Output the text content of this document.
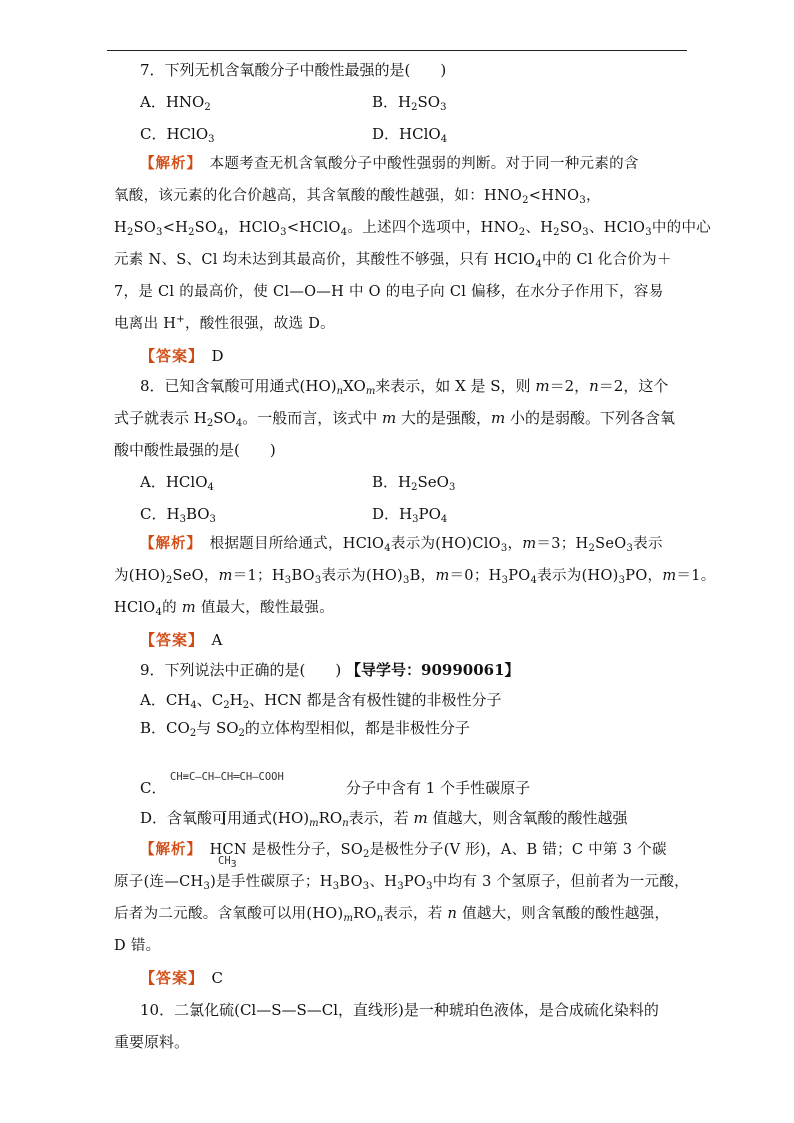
7．下列无机含氧酸分子中酸性最强的是(　　)
A．$HNO_2$	B．$H_2SO_3$
C．HClO$_3$	D．HClO$_4$
【解析】　 本题考查无机含氧酸分子中酸性强弱的判断。对于同一种元素的含
氧酸，该元素的化合价越高，其含氧酸的酸性越强，如：$HNO_2<HNO_3$，
$H_2SO_3<H_2SO_4$，HClO$_3$<HClO$_4$。上述四个选项中，$HNO_2$、$H_2SO_3$、HClO$_3$中的中心
元素 N、S、Cl 均未达到其最高价，其酸性不够强，只有 HClO$_4$中的 Cl 化合价为＋
7，是 Cl 的最高价，使 Cl—O—H 中 O 的电子向 Cl 偏移，在水分子作用下，容易
电离出 H+，酸性很强，故选 D。
【答案】　 D
8．已知含氧酸可用通式$(HO)_nXO_m$来表示，如 X 是 S，则 m＝2，n＝2，这个
式子就表示 $H_2SO_4$。一般而言，该式中 m 大的是强酸，m 小的是弱酸。下列各含氧
酸中酸性最强的是(　　)
A．HClO$_4$	B．$H_2SeO_3$
C．$H_3BO_3$	D．$H_3PO_4$
【解析】　 根据题目所给通式，HClO$_4$表示为(HO)ClO$_3$，m＝3；$H_2SeO_3$表示
为$(HO)_2SeO$，m＝1；$H_3BO_3$表示为$(HO)_3B$，m＝0；$H_3PO_4$表示为$(HO)_3PO$，m＝1。
HClO$_4$的 m 值最大，酸性最强。
【答案】　 A
9．下列说法中正确的是(　　) 【导学号：90990061】
A．$CH_4$、$C_2H_2$、HCN 都是含有极性键的非极性分子
B．$CO_2$与 $SO_2$的立体构型相似，都是非极性分子

CH≡C—CH—CH═CH—COOH

$CH_3$

C．	分子中含有 1 个手性碳原子
D．含氧酸可用通式$(HO)_mRO_n$表示，若 m 值越大，则含氧酸的酸性越强
【解析】　 HCN 是极性分子，$SO_2$是极性分子(V 形)，A、B 错；C 中第 3 个碳
原子(连$—CH_3$)是手性碳原子；$H_3BO_3$、$H_3PO_3$中均有 3 个氢原子，但前者为一元酸，
后者为二元酸。含氧酸可以用$(HO)_mRO_n$表示，若 n 值越大，则含氧酸的酸性越强，
D 错。
【答案】　 C
10．二氯化硫(Cl—S—S—Cl，直线形)是一种琥珀色液体，是合成硫化染料的
重要原料。
